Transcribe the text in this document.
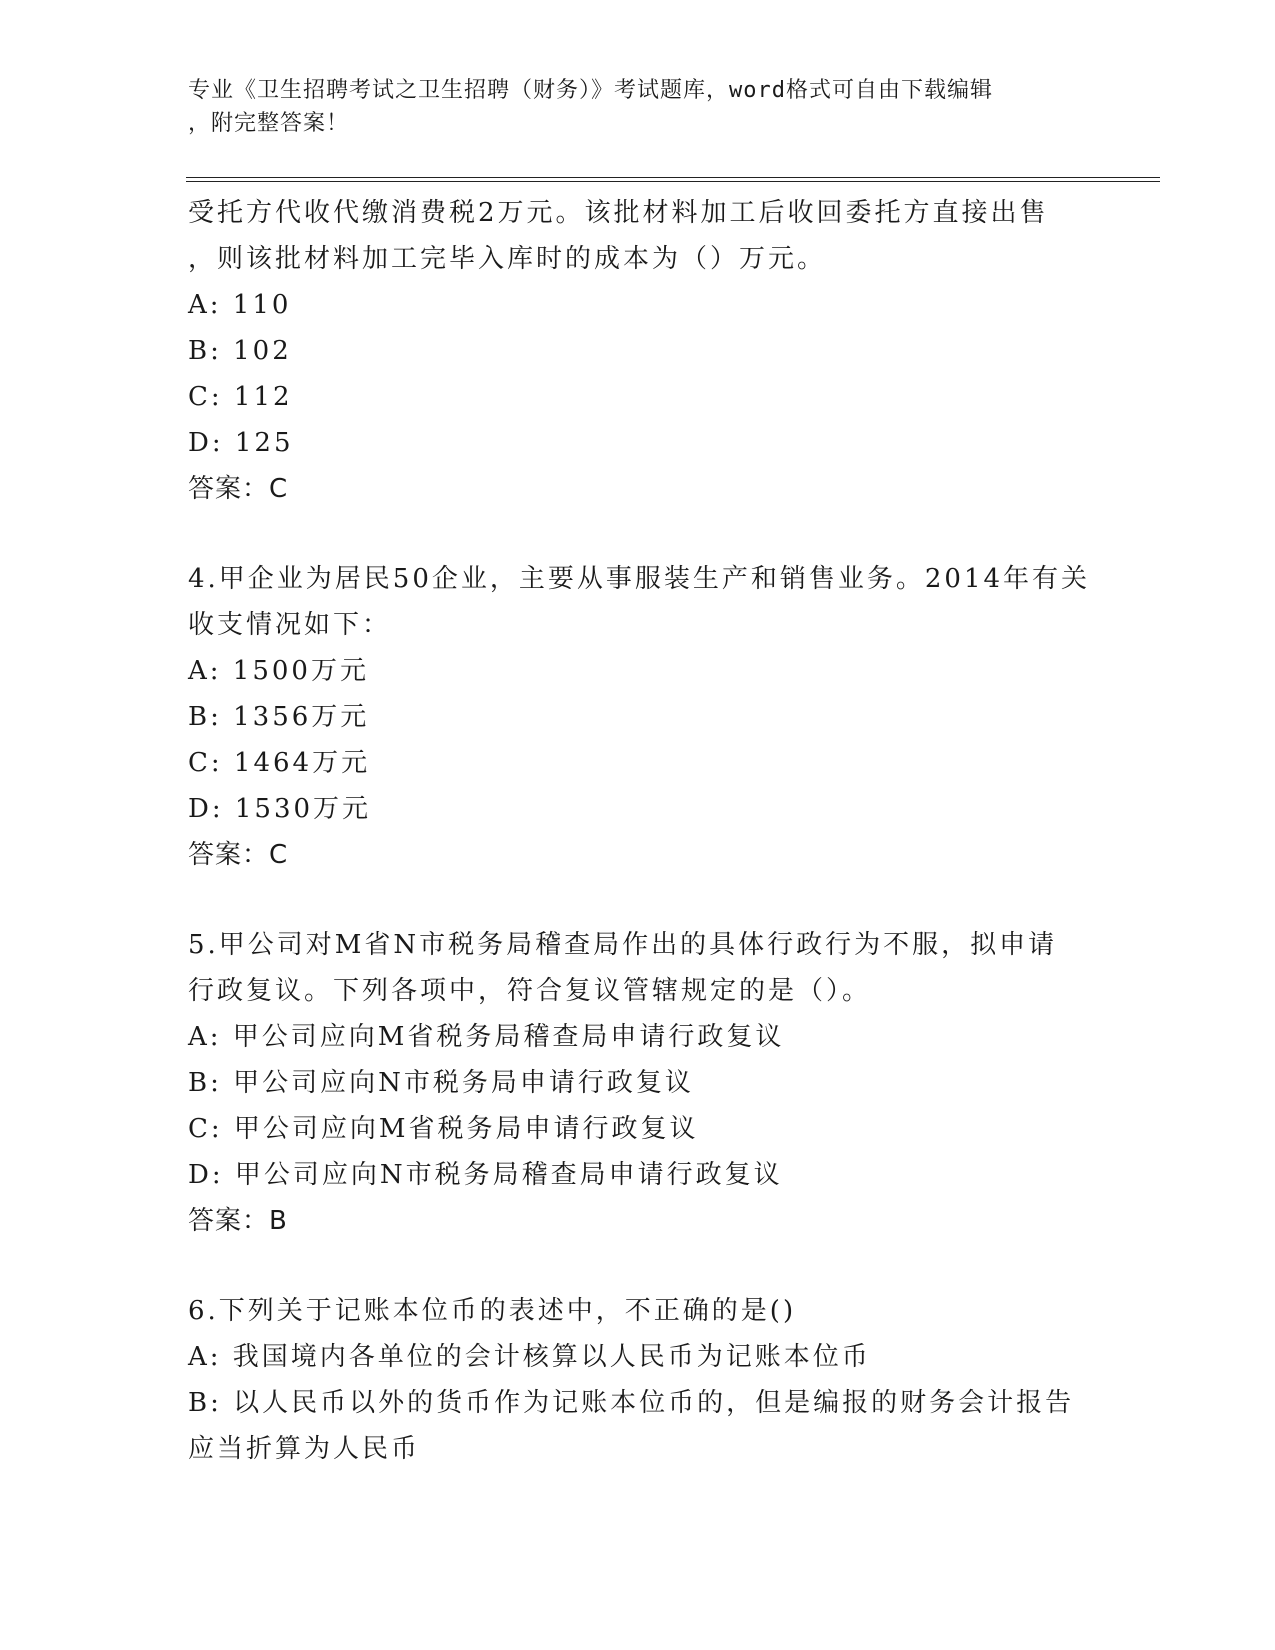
专业《卫生招聘考试之卫生招聘（财务）》考试题库，word格式可自由下载编辑
，附完整答案！
受托方代收代缴消费税2万元。该批材料加工后收回委托方直接出售
，则该批材料加工完毕入库时的成本为（）万元。
A: 110
B: 102
C: 112
D: 125
答案：C
4.甲企业为居民50企业，主要从事服装生产和销售业务。2014年有关
收支情况如下：
A: 1500万元
B: 1356万元
C: 1464万元
D: 1530万元
答案：C
5.甲公司对M省N市税务局稽查局作出的具体行政行为不服，拟申请
行政复议。下列各项中，符合复议管辖规定的是（）。
A: 甲公司应向M省税务局稽查局申请行政复议
B: 甲公司应向N市税务局申请行政复议
C: 甲公司应向M省税务局申请行政复议
D: 甲公司应向N市税务局稽查局申请行政复议
答案：B
6.下列关于记账本位币的表述中，不正确的是()
A: 我国境内各单位的会计核算以人民币为记账本位币
B: 以人民币以外的货币作为记账本位币的，但是编报的财务会计报告
应当折算为人民币
